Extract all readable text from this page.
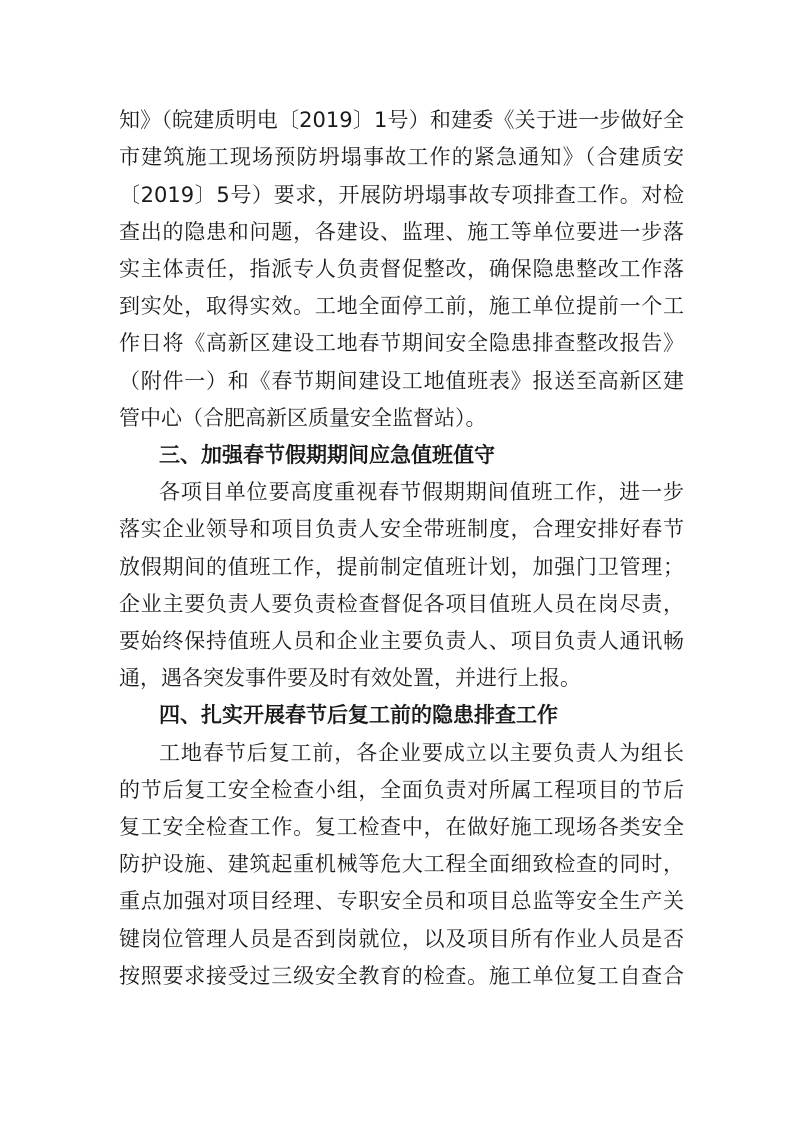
知》（皖建质明电〔2019〕1号）和建委《关于进一步做好全
市建筑施工现场预防坍塌事故工作的紧急通知》（合建质安
〔2019〕5号）要求，开展防坍塌事故专项排查工作。对检
查出的隐患和问题，各建设、监理、施工等单位要进一步落
实主体责任，指派专人负责督促整改，确保隐患整改工作落
到实处，取得实效。工地全面停工前，施工单位提前一个工
作日将《高新区建设工地春节期间安全隐患排查整改报告》
（附件一）和《春节期间建设工地值班表》报送至高新区建
管中心（合肥高新区质量安全监督站）。
三、加强春节假期期间应急值班值守
各项目单位要高度重视春节假期期间值班工作，进一步
落实企业领导和项目负责人安全带班制度，合理安排好春节
放假期间的值班工作，提前制定值班计划，加强门卫管理；
企业主要负责人要负责检查督促各项目值班人员在岗尽责，
要始终保持值班人员和企业主要负责人、项目负责人通讯畅
通，遇各突发事件要及时有效处置，并进行上报。
四、扎实开展春节后复工前的隐患排查工作
工地春节后复工前，各企业要成立以主要负责人为组长
的节后复工安全检查小组，全面负责对所属工程项目的节后
复工安全检查工作。复工检查中，在做好施工现场各类安全
防护设施、建筑起重机械等危大工程全面细致检查的同时，
重点加强对项目经理、专职安全员和项目总监等安全生产关
键岗位管理人员是否到岗就位，以及项目所有作业人员是否
按照要求接受过三级安全教育的检查。施工单位复工自查合
